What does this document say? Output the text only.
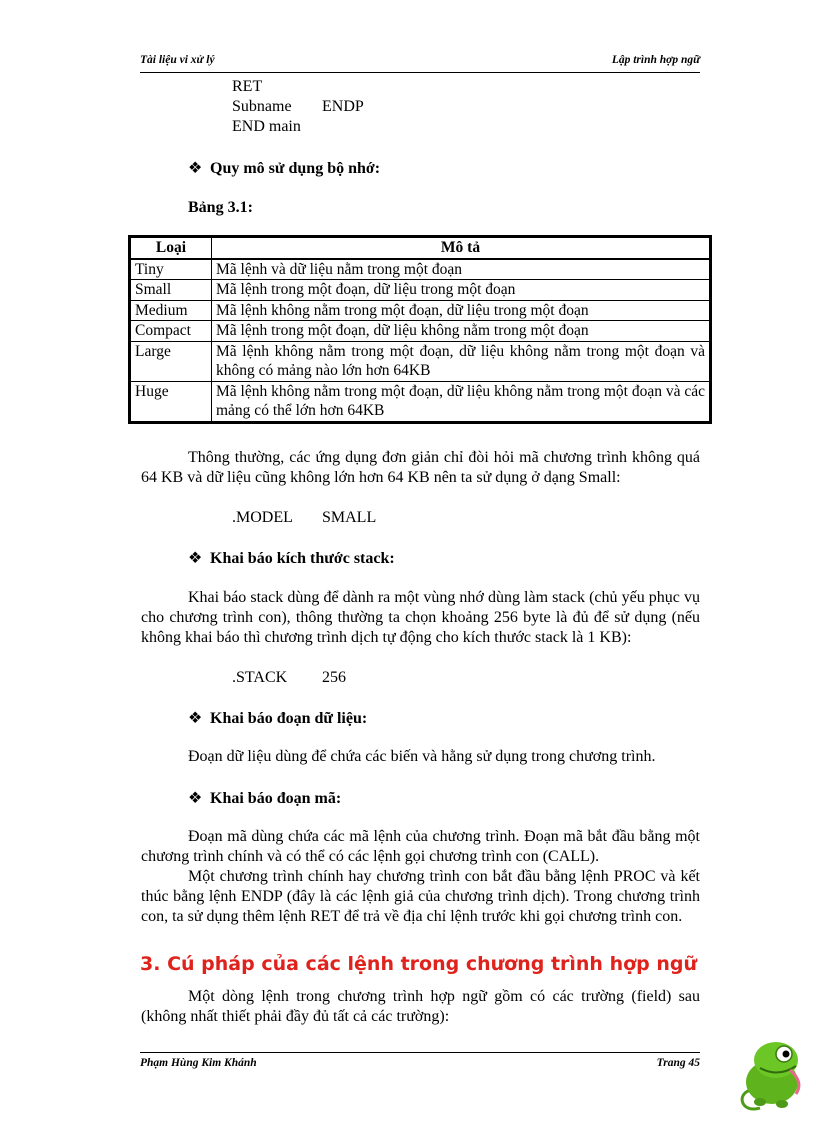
Tài liệu vi xử lý	Lập trình hợp ngữ
RET
Subname ENDP
END main
❖ Quy mô sử dụng bộ nhớ:
Bảng 3.1:
Loại	Mô tả
Tiny	Mã lệnh và dữ liệu nằm trong một đoạn
Small	Mã lệnh trong một đoạn, dữ liệu trong một đoạn
Medium	Mã lệnh không nằm trong một đoạn, dữ liệu trong một đoạn
Compact	Mã lệnh trong một đoạn, dữ liệu không nằm trong một đoạn
Large	Mã lệnh không nằm trong một đoạn, dữ liệu không nằm trong một đoạn và không có mảng nào lớn hơn 64KB
Huge	Mã lệnh không nằm trong một đoạn, dữ liệu không nằm trong một đoạn và các mảng có thể lớn hơn 64KB
Thông thường, các ứng dụng đơn giản chỉ đòi hỏi mã chương trình không quá 64 KB và dữ liệu cũng không lớn hơn 64 KB nên ta sử dụng ở dạng Small:
.MODEL SMALL
❖ Khai báo kích thước stack:
Khai báo stack dùng để dành ra một vùng nhớ dùng làm stack (chủ yếu phục vụ cho chương trình con), thông thường ta chọn khoảng 256 byte là đủ để sử dụng (nếu không khai báo thì chương trình dịch tự động cho kích thước stack là 1 KB):
.STACK 256
❖ Khai báo đoạn dữ liệu:
Đoạn dữ liệu dùng để chứa các biến và hằng sử dụng trong chương trình.
❖ Khai báo đoạn mã:
Đoạn mã dùng chứa các mã lệnh của chương trình. Đoạn mã bắt đầu bằng một chương trình chính và có thể có các lệnh gọi chương trình con (CALL).
Một chương trình chính hay chương trình con bắt đầu bằng lệnh PROC và kết thúc bằng lệnh ENDP (đây là các lệnh giả của chương trình dịch). Trong chương trình con, ta sử dụng thêm lệnh RET để trả về địa chỉ lệnh trước khi gọi chương trình con.
3. Cú pháp của các lệnh trong chương trình hợp ngữ
Một dòng lệnh trong chương trình hợp ngữ gồm có các trường (field) sau (không nhất thiết phải đầy đủ tất cả các trường):
Phạm Hùng Kim Khánh	Trang 45
